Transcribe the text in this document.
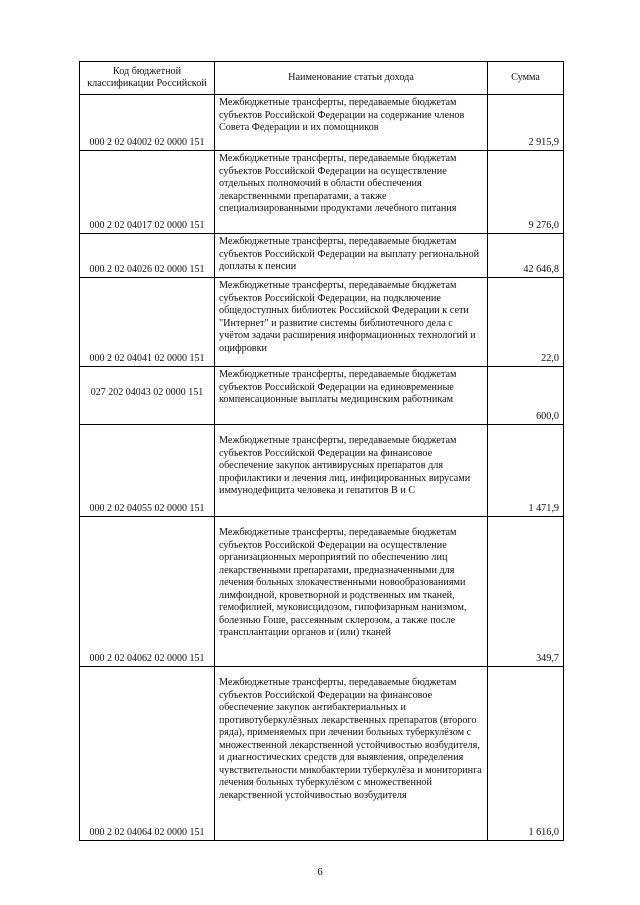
Код бюджетной классификации Российской	Наименование статьи дохода	Сумма
000 2 02 04002 02 0000 151	Межбюджетные трансферты, передаваемые бюджетам субъектов Российской Федерации на содержание членов Совета Федерации и их помощников	2 915,9
000 2 02 04017 02 0000 151	Межбюджетные трансферты, передаваемые бюджетам субъектов Российской Федерации на осуществление отдельных полномочий в области обеспечения лекарственными препаратами, а также специализированными продуктами лечебного питания	9 276,0
000 2 02 04026 02 0000 151	Межбюджетные трансферты, передаваемые бюджетам субъектов Российской Федерации на выплату региональной доплаты к пенсии	42 646,8
000 2 02 04041 02 0000 151	Межбюджетные трансферты, передаваемые бюджетам субъектов Российской Федерации, на подключение общедоступных библиотек Российской Федерации к сети "Интернет" и развитие системы библиотечного дела с учётом задачи расширения информационных технологий и оцифровки	22,0
027 202 04043 02 0000 151	Межбюджетные трансферты, передаваемые бюджетам субъектов Российской Федерации на единовременные компенсационные выплаты медицинским работникам	600,0
000 2 02 04055 02 0000 151	Межбюджетные трансферты, передаваемые бюджетам субъектов Российской Федерации на финансовое обеспечение закупок антивирусных препаратов для профилактики и лечения лиц, инфицированных вирусами иммунодефицита человека и гепатитов В и С	1 471,9
000 2 02 04062 02 0000 151	Межбюджетные трансферты, передаваемые бюджетам субъектов Российской Федерации на осуществление организационных мероприятий по обеспечению лиц лекарственными препаратами, предназначенными для лечения больных злокачественными новообразованиями лимфоидной, кроветворной и родственных им тканей, гемофилией, муковисцидозом, гипофизарным нанизмом, болезнью Гоше, рассеянным склерозом, а также после трансплантации органов и (или) тканей	349,7
000 2 02 04064 02 0000 151	Межбюджетные трансферты, передаваемые бюджетам субъектов Российской Федерации на финансовое обеспечение закупок антибактериальных и противотуберкулёзных лекарственных препаратов (второго ряда), применяемых при лечении больных туберкулёзом с множественной лекарственной устойчивостью возбудителя, и диагностических средств для выявления, определения чувствительности микобактерии туберкулёза и мониторинга лечения больных туберкулёзом с множественной лекарственной устойчивостью возбудителя	1 616,0
6
